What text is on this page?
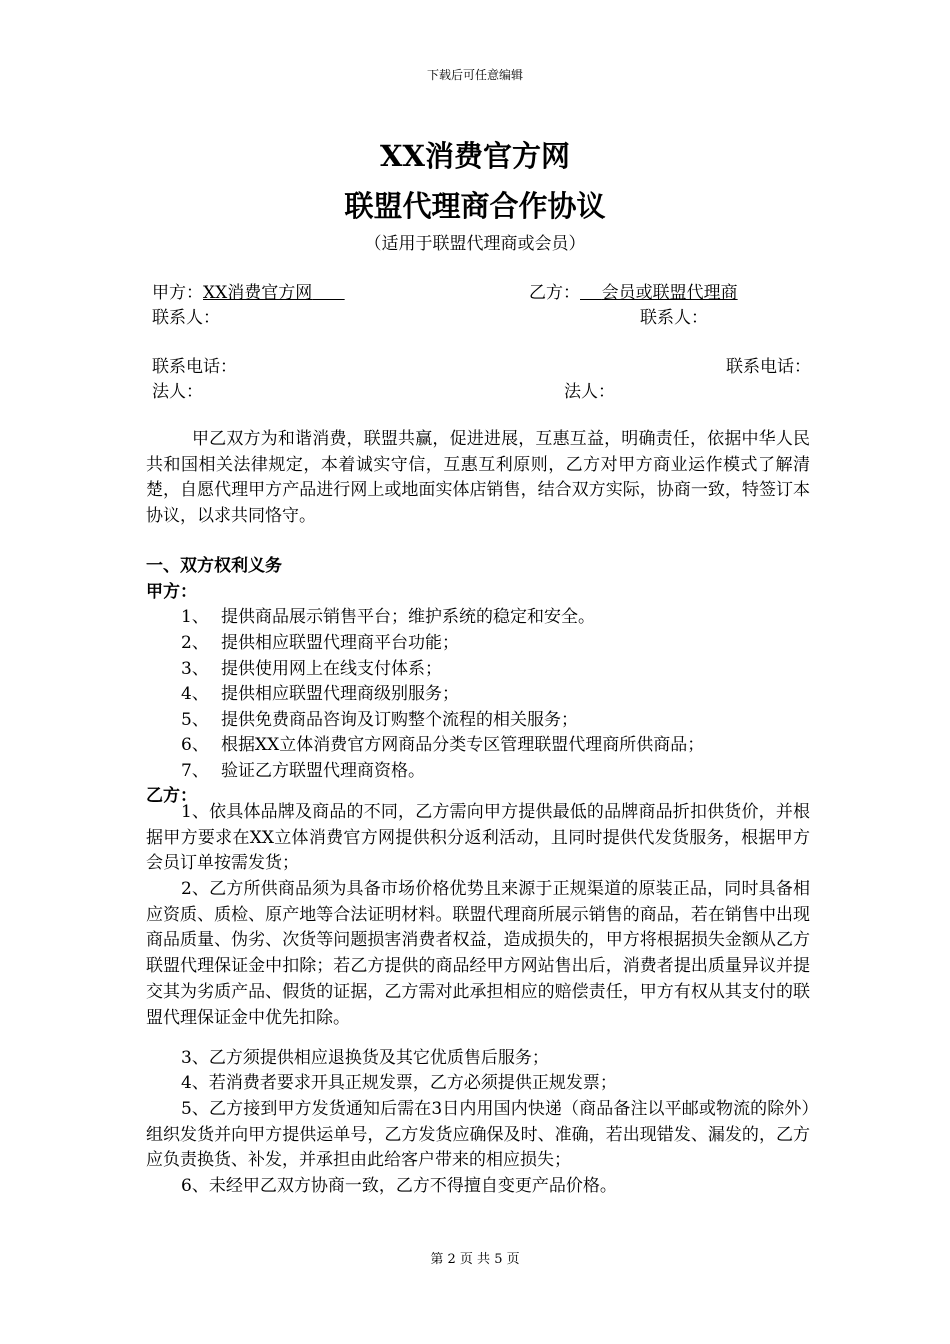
下载后可任意编辑
XX消费官方网
联盟代理商合作协议
（适用于联盟代理商或会员）
甲方：XX消费官方网	乙方： 会员或联盟代理商
联系人：	联系人：
联系电话：	联系电话：
法人：	法人：
甲乙双方为和谐消费，联盟共赢，促进进展，互惠互益，明确责任，依据中华人民共和国相关法律规定，本着诚实守信，互惠互利原则，乙方对甲方商业运作模式了解清楚，自愿代理甲方产品进行网上或地面实体店销售，结合双方实际，协商一致，特签订本协议，以求共同恪守。
一、双方权利义务
甲方：
1、 提供商品展示销售平台；维护系统的稳定和安全。
2、 提供相应联盟代理商平台功能；
3、 提供使用网上在线支付体系；
4、 提供相应联盟代理商级别服务；
5、 提供免费商品咨询及订购整个流程的相关服务；
6、 根据XX立体消费官方网商品分类专区管理联盟代理商所供商品；
7、 验证乙方联盟代理商资格。
乙方：
1、依具体品牌及商品的不同，乙方需向甲方提供最低的品牌商品折扣供货价，并根据甲方要求在XX立体消费官方网提供积分返利活动，且同时提供代发货服务，根据甲方会员订单按需发货；
2、乙方所供商品须为具备市场价格优势且来源于正规渠道的原装正品，同时具备相应资质、质检、原产地等合法证明材料。联盟代理商所展示销售的商品，若在销售中出现商品质量、伪劣、次货等问题损害消费者权益，造成损失的，甲方将根据损失金额从乙方联盟代理保证金中扣除；若乙方提供的商品经甲方网站售出后，消费者提出质量异议并提交其为劣质产品、假货的证据，乙方需对此承担相应的赔偿责任，甲方有权从其支付的联盟代理保证金中优先扣除。
3、乙方须提供相应退换货及其它优质售后服务；
4、若消费者要求开具正规发票，乙方必须提供正规发票；
5、乙方接到甲方发货通知后需在3日内用国内快递（商品备注以平邮或物流的除外）组织发货并向甲方提供运单号，乙方发货应确保及时、准确，若出现错发、漏发的，乙方应负责换货、补发，并承担由此给客户带来的相应损失；
6、未经甲乙双方协商一致，乙方不得擅自变更产品价格。
第 2 页 共 5 页
